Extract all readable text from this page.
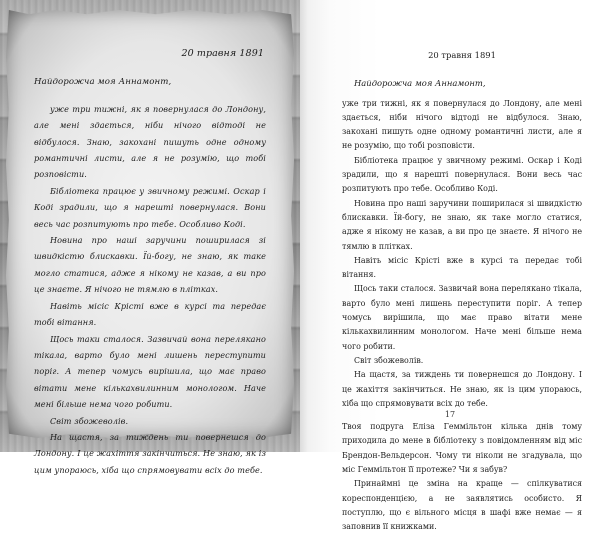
20 травня 1891
Найдорожча моя Аннамонт,

уже три тижні, як я повернулася до Лондону, але мені здається, ніби нічого відтоді не відбулося. Знаю, закохані пишуть одне одному романтичні листи, але я не розумію, що тобі розповісти.

Бібліотека працює у звичному режимі. Оскар і Коді зрадили, що я нарешті повернулася. Вони весь час розпитують про тебе. Особливо Коді.

Новина про наші заручини поширилася зі швидкістю блискавки. Їй-богу, не знаю, як таке могло статися, адже я нікому не казав, а ви про це знаєте. Я нічого не тямлю в плітках.

Навіть місіс Крісті вже в курсі та передає тобі вітання.

Щось таки сталося. Зазвичай вона перелякано тікала, варто було мені лишень переступити поріг. А тепер чомусь вирішила, що має право вітати мене кількахвилинним монологом. Наче мені більше нема чого робити.

Світ збожеволів.

На щастя, за тиждень ти повернешся до Лондону. І це жахіття закінчиться. Не знаю, як із цим упораюсь, хіба що спрямовувати всіх до тебе.

20 травня 1891
Найдорожча моя Аннамонт,

уже три тижні, як я повернулася до Лондону, але мені здається, ніби нічого відтоді не відбулося. Знаю, закохані пишуть одне одному романтичні листи, але я не розумію, що тобі розповісти.

Бібліотека працює у звичному режимі. Оскар і Коді зрадили, що я нарешті повернулася. Вони весь час розпитують про тебе. Особливо Коді.

Новина про наші заручини поширилася зі швидкістю блискавки. Їй-богу, не знаю, як таке могло статися, адже я нікому не казав, а ви про це знаєте. Я нічого не тямлю в плітках.

Навіть місіс Крісті вже в курсі та передає тобі вітання.

Щось таки сталося. Зазвичай вона перелякано тікала, варто було мені лишень переступити поріг. А тепер чомусь вирішила, що має право вітати мене кількахвилинним монологом. Наче мені більше нема чого робити.

Світ збожеволів.

На щастя, за тиждень ти повернешся до Лондону. І це жахіття закінчиться. Не знаю, як із цим упораюсь, хіба що спрямовувати всіх до тебе.

Твоя подруга Еліза Геммільтон кілька днів тому приходила до мене в бібліотеку з повідомленням від міс Брендон-Вельдерсон. Чому ти ніколи не згадувала, що міс Геммільтон її протеже? Чи я забув?

Принаймні це зміна на краще — спілкуватися кореспонденцією, а не заявлятись особисто. Я поступлю, що є вільного місця в шафі вже немає — я заповнив її книжками.

17
